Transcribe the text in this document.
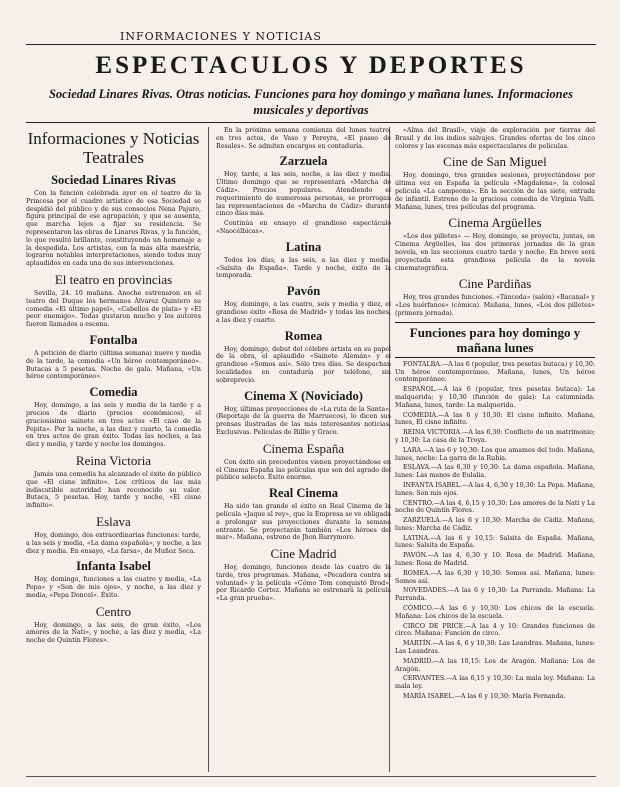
INFORMACIONES Y NOTICIAS
ESPECTACULOS Y DEPORTES
Sociedad Linares Rivas. Otras noticias. Funciones para hoy domingo y mañana lunes. Informaciones musicales y deportivas
Informaciones y Noticias Teatrales
Sociedad Linares Rivas

Con la función celebrada ayer en el teatro de la Princesa por el cuadro artístico de esa Sociedad se despidió del público y de sus consocios Nena Pajuro, figura principal de ese agrupación, y que se ausenta, que marcha lejos a fijar su residencia. Se representaron las obras de Linares Rivas, y la función, lo que resultó brillante, constituyendo un homenaje a la despedida. Los artistas, con la más alta maestría, lograron notables interpretaciones, siendo todos muy aplaudidos en cada una de sus intervenciones.

El teatro en provincias

Sevilla, 24. 10 mañana. Anoche estrenaron en el teatro del Duque los hermanos Álvarez Quintero su comedia «El último papel», «Cabellos de plata» y «El peor enemigo». Todas gustaron mucho y los autores fueron llamados a escena.

Fontalba

A petición de diario (última semana) nueve y media de la tarde, la comedia «Un héroe contemporáneo». Butacas a 5 pesetas. Noche de gala. Mañana, «Un héroe contemporáneo».

Comedia

Hoy, domingo, a las seis y media de la tarde y a precios de diario (precios económicos), el graciosísimo sainete en tres actos «El caso de la Pepita». Por la noche, a las diez y cuarto, la comedia en tres actos de gran éxito. Todas las noches, a las diez y media, y tarde y noche los domingos.

Reina Victoria

Jamás una comedia ha alcanzado el éxito de público que «El cisne infinito». Los críticos de las más indiscutible autoridad han reconocido su valor. Butaca, 5 pesetas. Hoy, tarde y noche, «El cisne infinito».

Eslava

Hoy, domingo, dos extraordinarias funciones: tarde, a las seis y media, «La dama española», y noche, a las diez y media. En ensayo, «La farsa», de Muñoz Seca.

Infanta Isabel

Hoy, domingo, funciones a las cuatro y media, «La Pepa» y «Son de mis ojos», y noche, a las diez y media, «Pepa Doncel». Éxito.

Centro

Hoy, domingo, a las seis, de gran éxito, «Los amores de la Nati», y noche, a las diez y media, «La noche de Quintín Flores».

En la próxima semana comienza del lunes teatro, en tres actos, de Vaso y Pereyra, «El paseo de Rosales». Se admiten encargos en contaduría.

Zarzuela

Hoy, tarde, a las seis, noche, a las diez y media. Último domingo que se representará «Marcha de Cádiz». Precios populares. Atendiendo el requerimiento de numerosas personas, se prorrogan las representaciones de «Marcha de Cádiz» durante cinco días más.

Continúa en ensayo el grandioso espectáculo «Naocélbicas».

Latina

Todos los días, a las seis, a las diez y media, «Salsita de España». Tarde y noche, éxito de la temporada.

Pavón

Hoy, domingo, a las cuatro, seis y media y diez, el grandioso éxito «Rosa de Madrid» y todas las noches, a las diez y cuarto.

Romea

Hoy, domingo, debut del célebre artista en su papel de la obra, el aplaudido «Sainete Alemán» y el grandioso «Somos así». Sólo tres días. Se despachan localidades en contaduría por teléfono, sin sobreprecio.

Cinema X (Noviciado)

Hoy, últimas proyecciones de «La ruta de la Santa». (Reportaje de la guerra de Marruecos), lo dicen sus prensas ilustradas de las más interesantes noticias. Exclusivas. Películas de Billie y Grace.

Cinema España

Con éxito sin precedentes vienen proyectándose en el Cinema España las películas que son del agrado del público selecto. Éxito enorme.

Real Cinema

Ha sido tan grande el éxito en Real Cinema de la película «Jaque al rey», que la Empresa se ve obligada a prolongar sus proyecciones durante la semana entrante. Se proyectarán también «Los héroes del mar». Mañana, estreno de Jhon Barrymore.

Cine Madrid

Hoy, domingo, funciones desde las cuatro de la tarde, tres programas. Mañana, «Pecadora contra su voluntad» y la película «Cómo Tom conquistó Brod», por Ricardo Cortez. Mañana se estrenará la película «La gran prueba».

«Alma del Brasil», viaje de exploración por tierras del Brasil y de los indios salvajes. Grandes ofertas de los cinco colores y las escenas más espectaculares de películas.

Cine de San Miguel

Hoy, domingo, tres grandes sesiones, proyectándose por última vez en España la película «Magdalena», la colosal película «La campeona». En la sección de las siete, entrada de infantil. Estreno de la graciosa comedia de Virginia Valli. Mañana, lunes, tres películas del programa.

Cinema Argüelles

«Los dos pilletes» — Hoy, domingo, se proyecta, juntas, en Cinema Argüelles, las dos primeras jornadas de la gran novela, en las secciones cuatro tarde y noche. En breve será proyectada esta grandiosa película de la novela cinematográfica.

Cine Pardiñas

Hoy, tres grandes funciones. «Tánceda» (salón) «Bacanal» y «Los huérfanos» (cómica). Mañana, lunes, «Los dos pilletes» (primera jornada).

Funciones para hoy domingo y mañana lunes

FONTALBA.—A las 6 (popular, tres pesetas butaca) y 10,30: Un héroe contemporáneo. Mañana, lunes, Un héroe contemporáneo.

ESPAÑOL.—A las 6 (popular, tres pesetas butaca): La malquerida; y 10,30 (función de gala): La calumniada. Mañana, lunes, tarde: La malquerida.

COMEDIA.—A las 6 y 10,30: El cisne infinito. Mañana, lunes, El cisne infinito.

REINA VICTORIA.—A las 6,30: Conflicto de un matrimonio; y 10,30: La casa de la Troya.

LARA.—A las 6 y 10,30: Los que amamos del todo. Mañana, lunes, noche: La garra de la Rubia.

ESLAVA.—A las 6,30 y 10,30: La dama española. Mañana, lunes: Las manos de Eulalia.

INFANTA ISABEL.—A las 4, 6,30 y 10,30: La Pepa. Mañana, lunes: Son mis ojos.

CENTRO.—A las 4, 6,15 y 10,30: Los amores de la Nati y La noche de Quintín Flores.

ZARZUELA.—A las 6 y 10,30: Marcha de Cádiz. Mañana, lunes: Marcha de Cádiz.

LATINA.—A las 6 y 10,15: Salsita de España. Mañana, lunes: Salsita de España.

PAVÓN.—A las 4, 6,30 y 10: Rosa de Madrid. Mañana, lunes: Rosa de Madrid.

ROMEA.—A las 6,30 y 10,30: Somos así. Mañana, lunes: Somos así.

NOVEDADES.—A las 6 y 10,30: La Parranda. Mañana: La Parranda.

CÓMICO.—A las 6 y 10,30: Los chicos de la escuela. Mañana: Los chicos de la escuela.

CIRCO DE PRICE.—A las 4 y 10: Grandes funciones de circo. Mañana: Función de circo.

MARTÍN.—A las 4, 6 y 10,30: Las Leandras. Mañana, lunes: Las Leandras.

MADRID.—A las 10,15: Los de Aragón. Mañana: Los de Aragón.

CERVANTES.—A las 6,15 y 10,30: La mala ley. Mañana: La mala ley.

MARÍA ISABEL.—A las 6 y 10,30: María Fernanda.
